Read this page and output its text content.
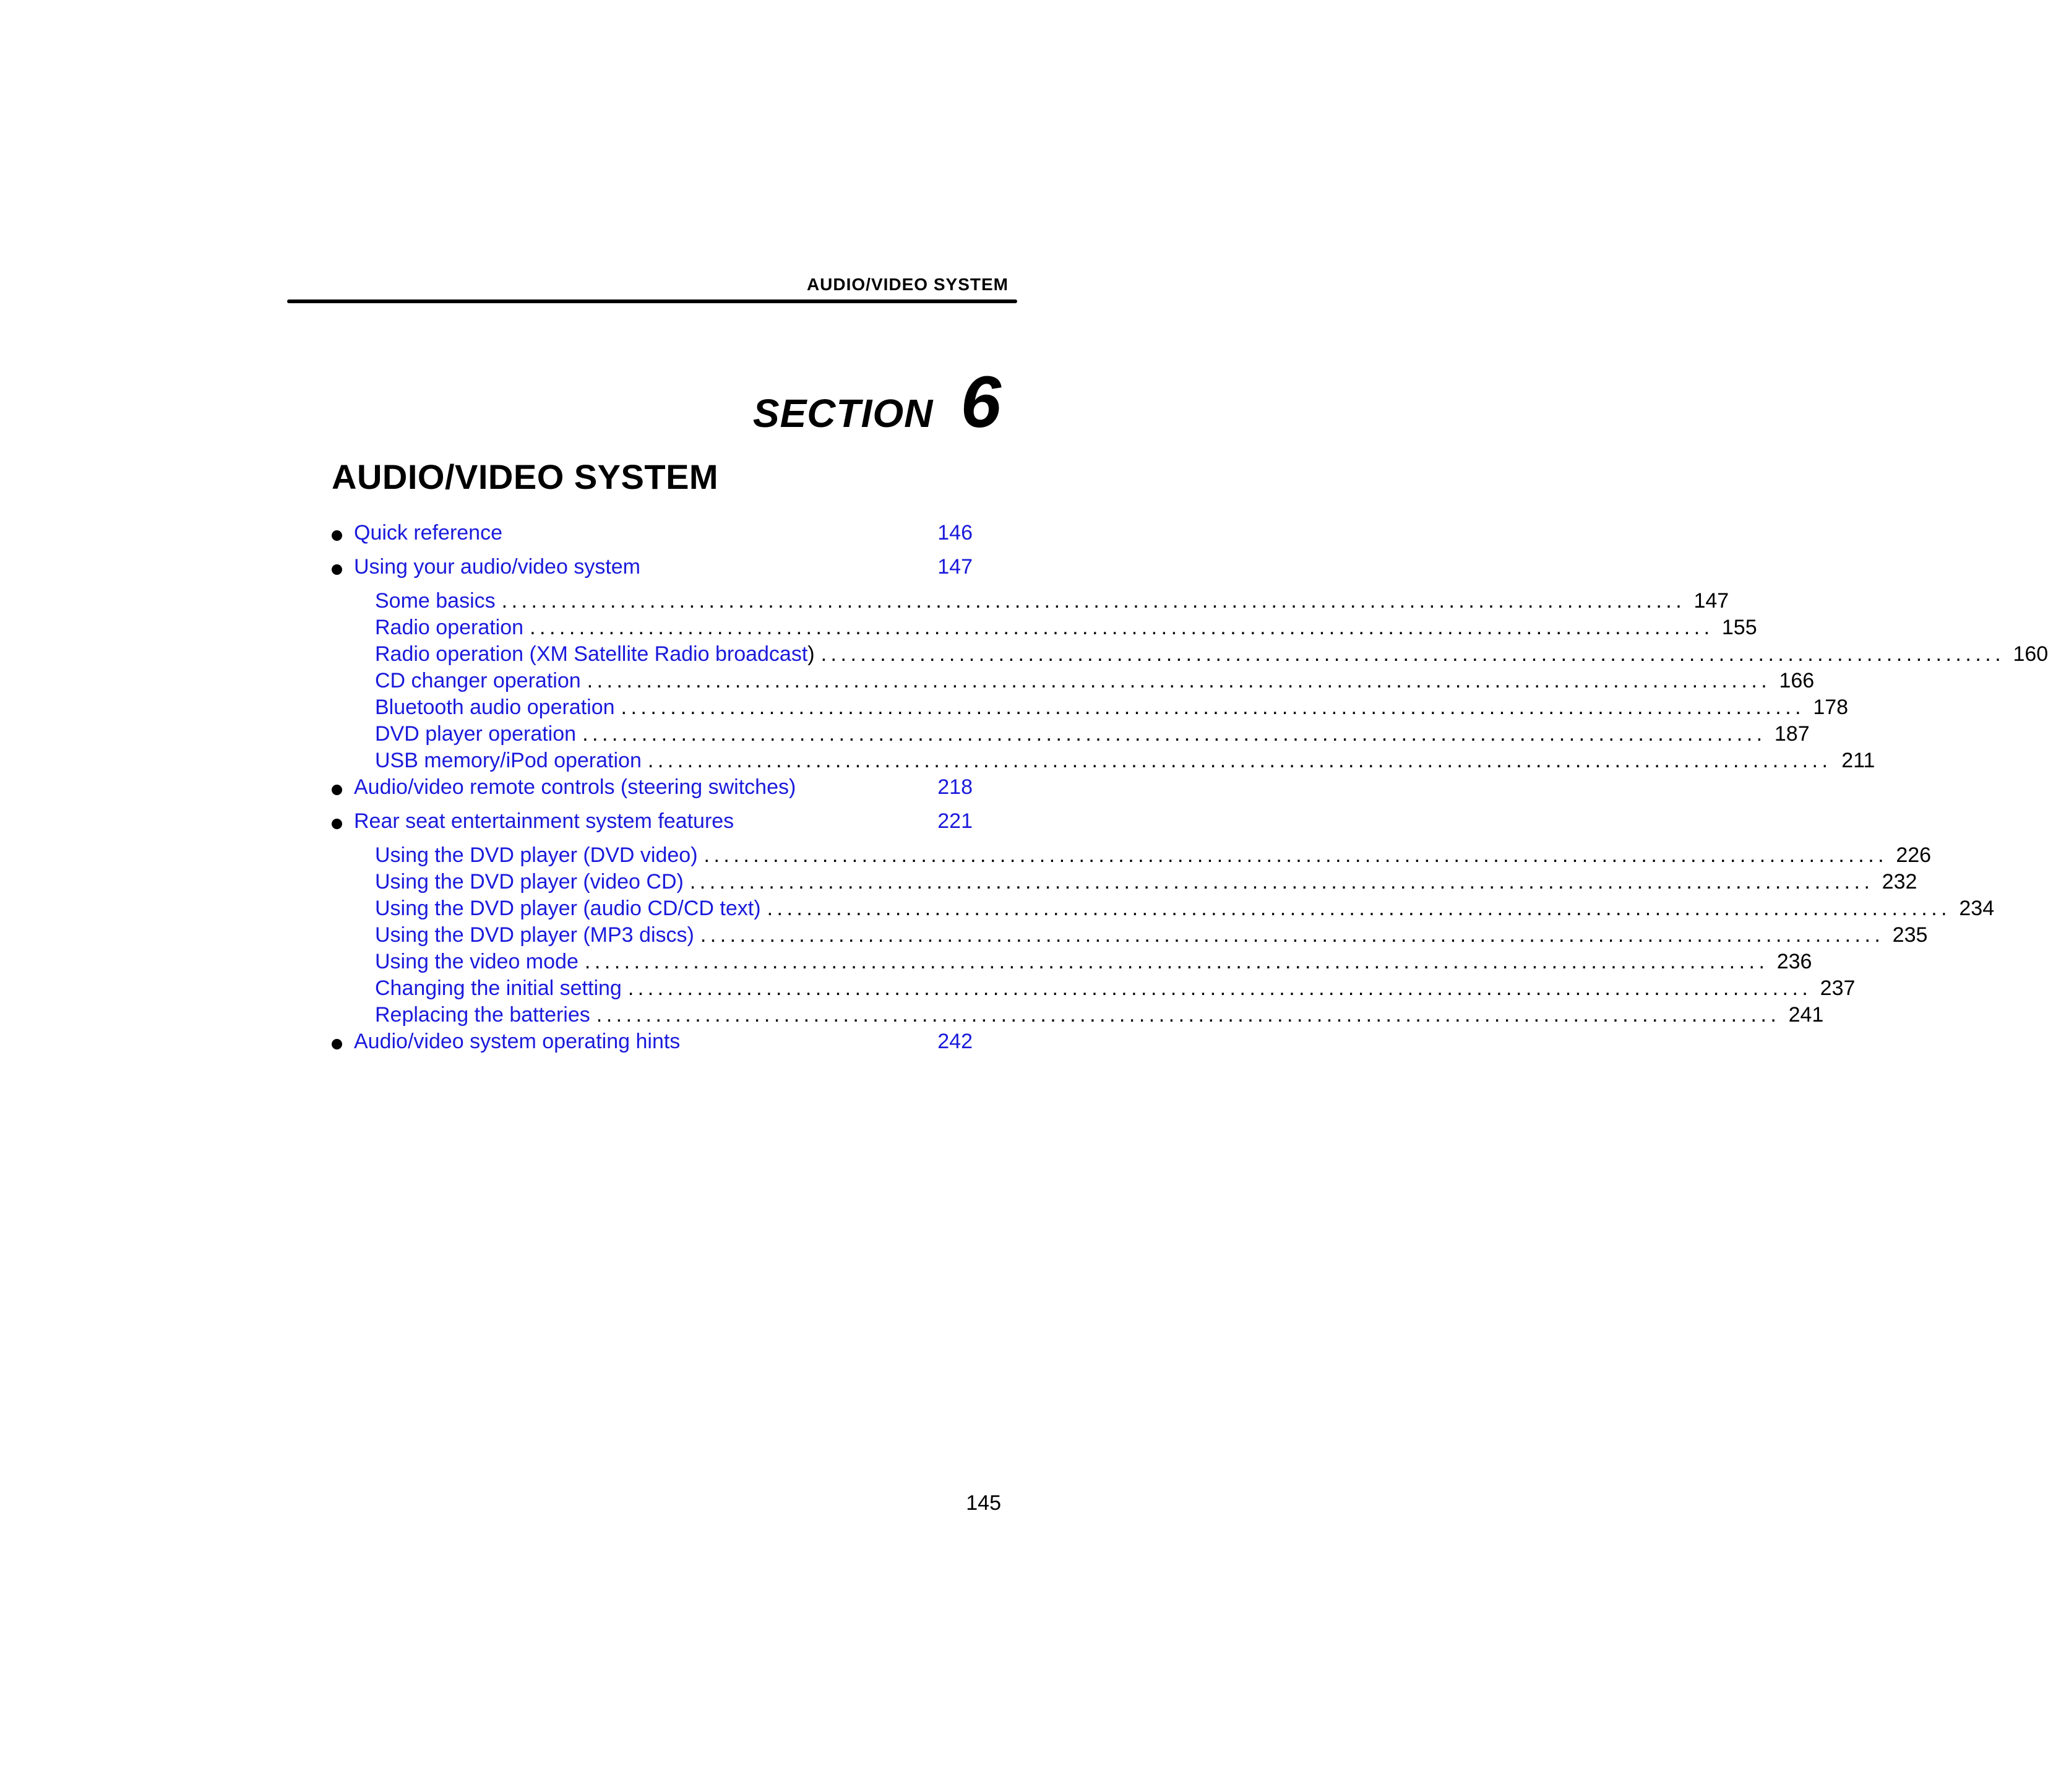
AUDIO/VIDEO SYSTEM
SECTION 6
AUDIO/VIDEO SYSTEM
Quick reference	146
Using your audio/video system	147
Some basics ........................................................................................................................ 147
Radio operation ........................................................................................................................ 155
Radio operation (XM Satellite Radio broadcast ) ........................................................................................................................ 160
CD changer operation ........................................................................................................................ 166
Bluetooth audio operation ........................................................................................................................ 178
DVD player operation ........................................................................................................................ 187
USB memory/iPod operation ........................................................................................................................ 211
Audio/video remote controls (steering switches)	218
Rear seat entertainment system features	221
Using the DVD player (DVD video) ........................................................................................................................ 226
Using the DVD player (video CD) ........................................................................................................................ 232
Using the DVD player (audio CD/CD text) ........................................................................................................................ 234
Using the DVD player (MP3 discs) ........................................................................................................................ 235
Using the video mode ........................................................................................................................ 236
Changing the initial setting ........................................................................................................................ 237
Replacing the batteries ........................................................................................................................ 241
Audio/video system operating hints	242
145
